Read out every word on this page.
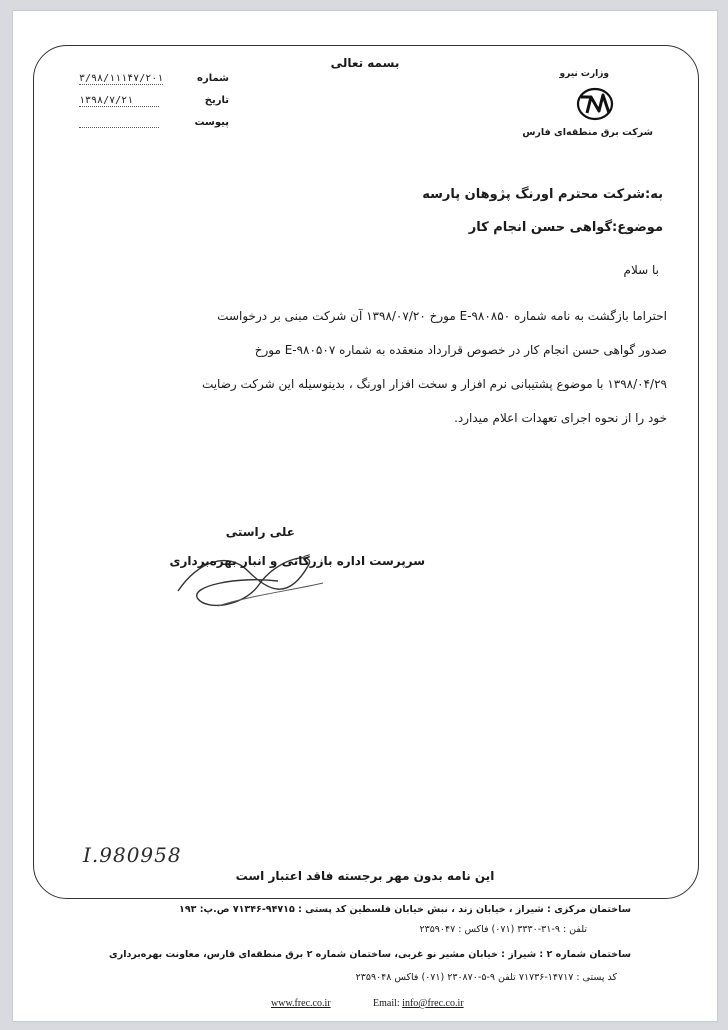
بسمه تعالی
شماره
۳/۹۸/۱۱۱۴۷/۲۰۱
تاریخ
۱۳۹۸/۷/۲۱
پیوست
وزارت نیرو
شرکت برق منطقه‌ای فارس
به:شرکت محترم اورنگ پژوهان پارسه
موضوع:گواهی حسن انجام کار
با سلام
احتراما بازگشت به نامه شماره E-۹۸۰۸۵۰ مورخ ۱۳۹۸/۰۷/۲۰ آن شرکت مبنی بر درخواست
صدور گواهی حسن انجام کار در خصوص قرارداد منعقده به شماره E-۹۸۰۵۰۷ مورخ
۱۳۹۸/۰۴/۲۹ با موضوع پشتیبانی نرم افزار و سخت افزار اورنگ ، بدینوسیله این شرکت رضایت
خود را از نحوه اجرای تعهدات اعلام میدارد.
علی راستی
سرپرست اداره بازرگانی و انبار بهره‌برداری
I.980958
این نامه بدون مهر برجسته فاقد اعتبار است
ساختمان مرکزی : شیراز ، خیابان زند ، نبش خیابان فلسطین کد پستی : ۹۴۷۱۵-۷۱۳۴۶ ص.پ: ۱۹۳
تلفن : ۹-۳۱-۳۳۳۰ (۰۷۱) فاکس : ۲۳۵۹۰۴۷
ساختمان شماره ۲ : شیراز : خیابان مشیر نو غربی، ساختمان شماره ۲ برق منطقه‌ای فارس، معاونت بهره‌برداری
کد پستی : ۱۴۷۱۷-۷۱۷۳۶ تلفن ۹-۵-۲۳۰۸۷۰ (۰۷۱) فاکس ۲۳۵۹۰۴۸
www.frec.co.ir	Email: info@frec.co.ir
